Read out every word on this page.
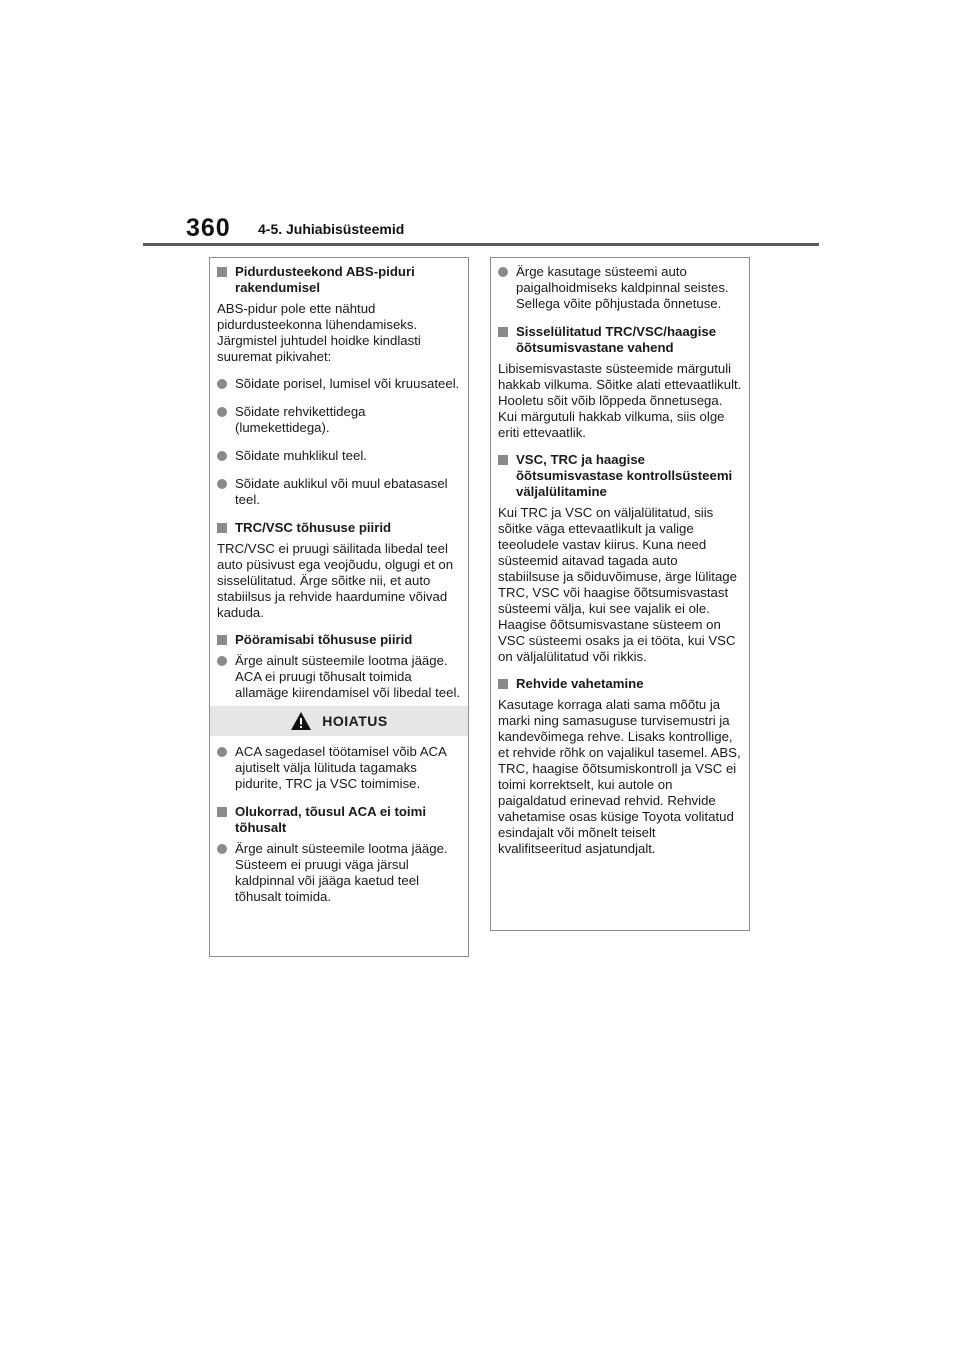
360 4-5. Juhiabisüsteemid
Pidurdusteekond ABS-piduri rakendumisel
ABS-pidur pole ette nähtud pidurdusteekonna lühendamiseks. Järgmistel juhtudel hoidke kindlasti suuremat pikivahet:
Sõidate porisel, lumisel või kruusateel.
Sõidate rehvikettidega (lumekettidega).
Sõidate muhklikul teel.
Sõidate auklikul või muul ebatasasel teel.
TRC/VSC tõhususe piirid
TRC/VSC ei pruugi säilitada libedal teel auto püsivust ega veojõudu, olgugi et on sisselülitatud. Ärge sõitke nii, et auto stabiilsus ja rehvide haardumine võivad kaduda.
Pööramisabi tõhususe piirid
Ärge ainult süsteemile lootma jääge. ACA ei pruugi tõhusalt toimida allamäge kiirendamisel või libedal teel.
HOIATUS
ACA sagedasel töötamisel võib ACA ajutiselt välja lülituda tagamaks pidurite, TRC ja VSC toimimise.
Olukorrad, tõusul ACA ei toimi tõhusalt
Ärge ainult süsteemile lootma jääge. Süsteem ei pruugi väga järsul kaldpinnal või jääga kaetud teel tõhusalt toimida.
Ärge kasutage süsteemi auto paigalhoidmiseks kaldpinnal seistes. Sellega võite põhjustada õnnetuse.
Sisselülitatud TRC/VSC/haagise õõtsumisvastane vahend
Libisemisvastaste süsteemide märgutuli hakkab vilkuma. Sõitke alati ettevaatlikult. Hooletu sõit võib lõppeda õnnetusega. Kui märgutuli hakkab vilkuma, siis olge eriti ettevaatlik.
VSC, TRC ja haagise õõtsumisvastase kontrollsüsteemi väljalülitamine
Kui TRC ja VSC on väljalülitatud, siis sõitke väga ettevaatlikult ja valige teeoludele vastav kiirus. Kuna need süsteemid aitavad tagada auto stabiilsuse ja sõiduvõimuse, ärge lülitage TRC, VSC või haagise õõtsumisvastast süsteemi välja, kui see vajalik ei ole. Haagise õõtsumisvastane süsteem on VSC süsteemi osaks ja ei tööta, kui VSC on väljalülitatud või rikkis.
Rehvide vahetamine
Kasutage korraga alati sama mõõtu ja marki ning samasuguse turvisemustri ja kandevõimega rehve. Lisaks kontrollige, et rehvide rõhk on vajalikul tasemel. ABS, TRC, haagise õõtsumiskontroll ja VSC ei toimi korrektselt, kui autole on paigaldatud erinevad rehvid. Rehvide vahetamise osas küsige Toyota volitatud esindajalt või mõnelt teiselt kvalifitseeritud asjatundjalt.
